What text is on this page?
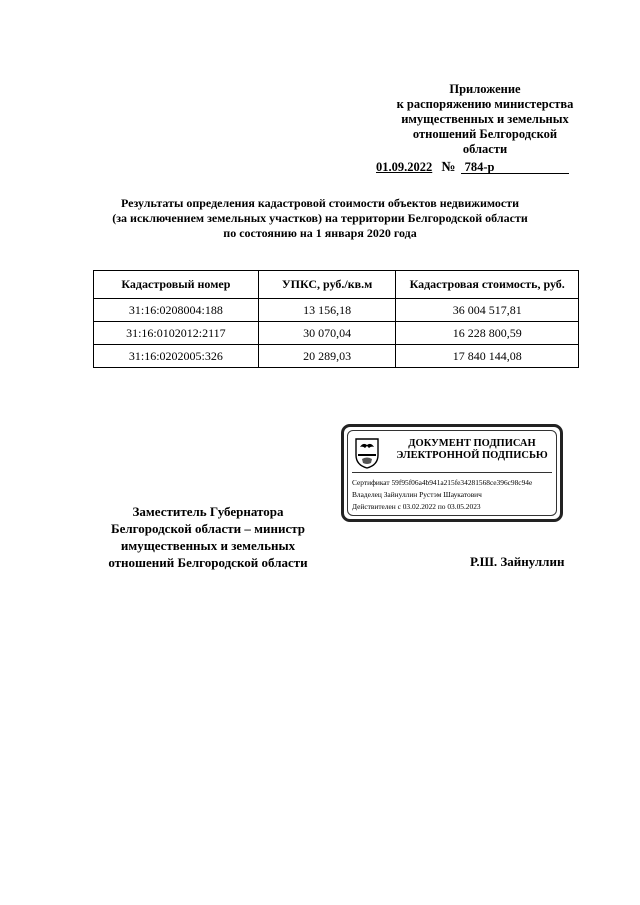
Приложение
к распоряжению министерства
имущественных и земельных
отношений Белгородской
области
01.09.2022 № 784-р
Результаты определения кадастровой стоимости объектов недвижимости
(за исключением земельных участков) на территории Белгородской области
по состоянию на 1 января 2020 года
Кадастровый номер	УПКС, руб./кв.м	Кадастровая стоимость, руб.
31:16:0208004:188	13 156,18	36 004 517,81
31:16:0102012:2117	30 070,04	16 228 800,59
31:16:0202005:326	20 289,03	17 840 144,08
ДОКУМЕНТ ПОДПИСАН
ЭЛЕКТРОННОЙ ПОДПИСЬЮ
Сертификат 59f95f06a4b941a215fe34281568ce396c98c94e
Владелец Зайнуллин Рустэм Шаукатович
Действителен с 03.02.2022 по 03.05.2023
Заместитель Губернатора
Белгородской области – министр
имущественных и земельных
отношений Белгородской области	Р.Ш. Зайнуллин
